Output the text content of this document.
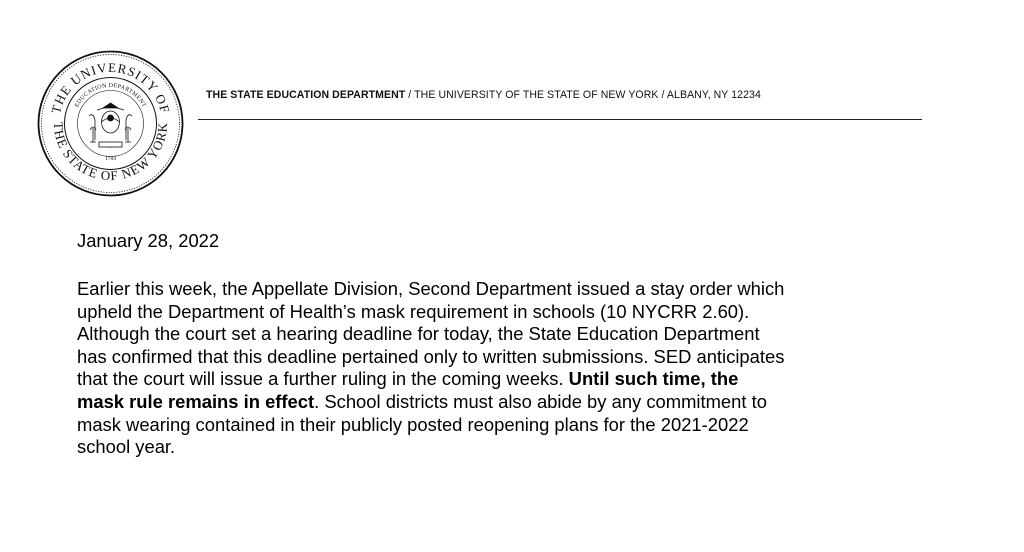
THE UNIVERSITY OF
THE STATE OF NEW YORK
EDUCATION DEPARTMENT
1784
THE STATE EDUCATION DEPARTMENT / THE UNIVERSITY OF THE STATE OF NEW YORK / ALBANY, NY 12234
January 28, 2022
Earlier this week, the Appellate Division, Second Department issued a stay order which
upheld the Department of Health’s mask requirement in schools (10 NYCRR 2.60).
Although the court set a hearing deadline for today, the State Education Department
has confirmed that this deadline pertained only to written submissions. SED anticipates
that the court will issue a further ruling in the coming weeks. Until such time, the
mask rule remains in effect. School districts must also abide by any commitment to
mask wearing contained in their publicly posted reopening plans for the 2021-2022
school year.
